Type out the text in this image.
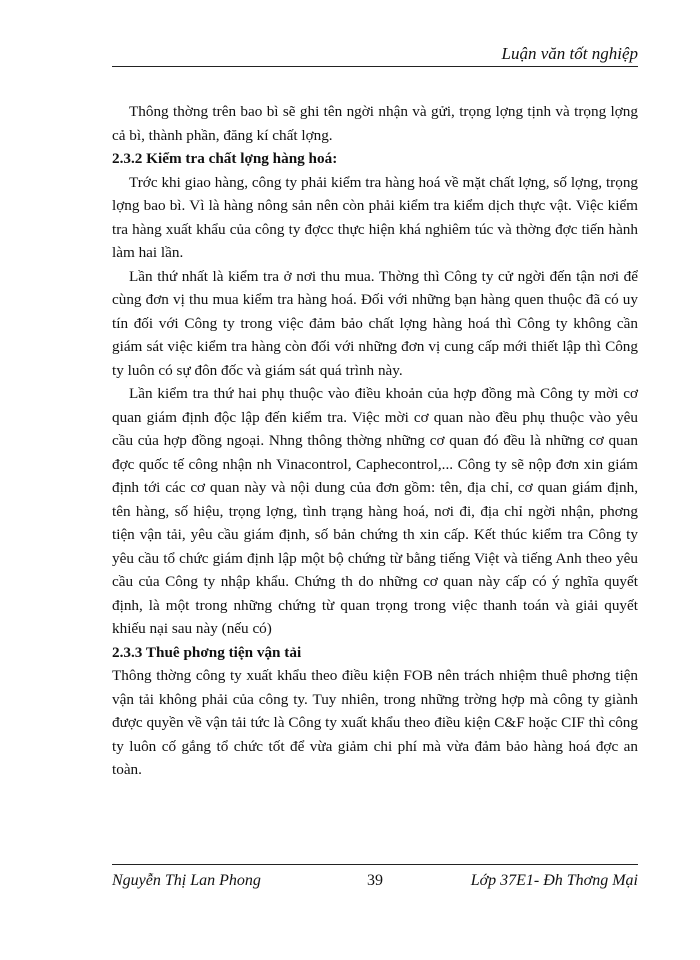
Luận văn tốt nghiệp

Thông thờng trên bao bì sẽ ghi tên ngời nhận và gửi, trọng lợng tịnh và trọng lợng cả bì, thành phần, đăng kí chất lợng.

2.3.2 Kiểm tra chất lợng hàng hoá:

Trớc khi giao hàng, công ty phải kiểm tra hàng hoá về mặt chất lợng, số lợng, trọng lợng bao bì. Vì là hàng nông sản nên còn phải kiểm tra kiểm dịch thực vật. Việc kiểm tra hàng xuất khẩu của công ty đợcc thực hiện khá nghiêm túc và thờng đợc tiến hành làm hai lần.

Lần thứ nhất là kiểm tra ở nơi thu mua. Thờng thì Công ty cử ngời đến tận nơi để cùng đơn vị thu mua kiểm tra hàng hoá. Đối với những bạn hàng quen thuộc đã có uy tín đối với Công ty trong việc đảm bảo chất lợng hàng hoá thì Công ty không cần giám sát việc kiểm tra hàng còn đối với những đơn vị cung cấp mới thiết lập thì Công ty luôn có sự đôn đốc và giám sát quá trình này.

Lần kiểm tra thứ hai phụ thuộc vào điều khoản của hợp đồng mà Công ty mời cơ quan giám định độc lập đến kiểm tra. Việc mời cơ quan nào đều phụ thuộc vào yêu cầu của hợp đồng ngoại. Nhng thông thờng những cơ quan đó đều là những cơ quan đợc quốc tế công nhận nh Vinacontrol, Caphecontrol,... Công ty sẽ nộp đơn xin giám định tới các cơ quan này và nội dung của đơn gồm: tên, địa chỉ, cơ quan giám định, tên hàng, số hiệu, trọng lợng, tình trạng hàng hoá, nơi đi, địa chỉ ngời nhận, phơng tiện vận tải, yêu cầu giám định, số bản chứng th xin cấp. Kết thúc kiểm tra Công ty yêu cầu tổ chức giám định lập một bộ chứng từ bằng tiếng Việt và tiếng Anh theo yêu cầu của Công ty nhập khẩu. Chứng th do những cơ quan này cấp có ý nghĩa quyết định, là một trong những chứng từ quan trọng trong việc thanh toán và giải quyết khiếu nại sau này (nếu có)

2.3.3 Thuê phơng tiện vận tải

Thông thờng công ty xuất khẩu theo điều kiện FOB nên trách nhiệm thuê phơng tiện vận tải không phải của công ty. Tuy nhiên, trong những trờng hợp mà công ty giành được quyền về vận tải tức là Công ty xuất khẩu theo điều kiện C&F hoặc CIF thì công ty luôn cố gắng tổ chức tốt để vừa giảm chi phí mà vừa đảm bảo hàng hoá đợc an toàn.

Nguyễn Thị Lan Phong	39	Lớp 37E1- Đh Thơng Mại
